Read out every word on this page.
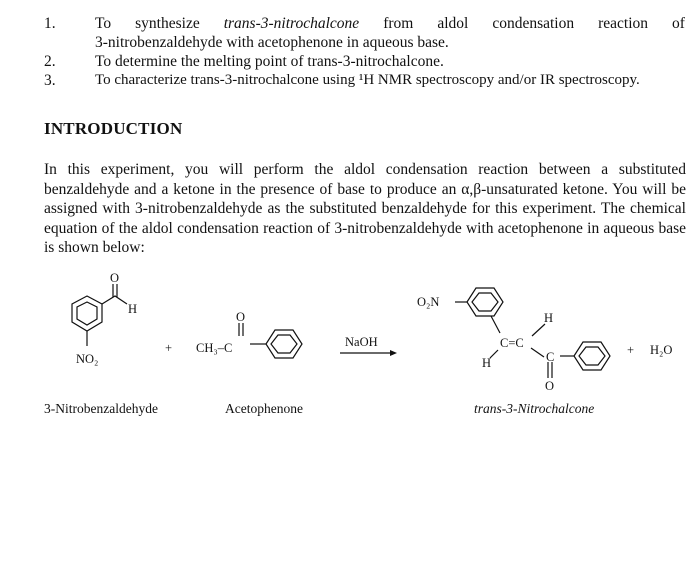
1.	To synthesize trans-3-nitrochalcone from aldol condensation reaction of
3-nitrobenzaldehyde with acetophenone in aqueous base.
2.	To determine the melting point of trans-3-nitrochalcone.
3.	To characterize trans-3-nitrochalcone using ¹H NMR spectroscopy and/or IR spectroscopy.
INTRODUCTION
In this experiment, you will perform the aldol condensation reaction between a substituted benzaldehyde and a ketone in the presence of base to produce an α,β-unsaturated ketone. You will be assigned with 3-nitrobenzaldehyde as the substituted benzaldehyde for this experiment. The chemical equation of the aldol condensation reaction of 3-nitrobenzaldehyde with acetophenone in aqueous base is shown below:
O
H
NO₂
+ CH₃–C
O
NaOH
O₂N
H
C=C
H	C
O
+ H₂O
3-Nitrobenzaldehyde	Acetophenone	trans-3-Nitrochalcone
